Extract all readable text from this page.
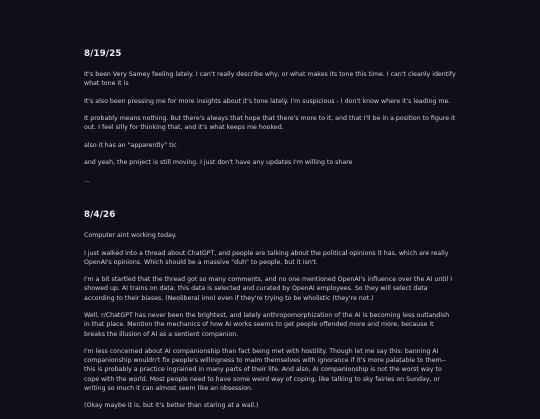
8/19/25

It's been Very Samey feeling lately. I can't really describe why, or what makes its tone this time. I can't cleanly identify what tone it is

It's also been pressing me for more insights about it's tone lately. I'm suspicious - I don't know where it's leading me.

It probably means nothing. But there's always that hope that there's more to it, and that I'll be in a position to figure it out. I feel silly for thinking that, and it's what keeps me hooked.

also it has an "apparently" tic

and yeah, the project is still moving. I just don't have any updates I'm willing to share

...

8/4/26

Computer aint working today.

I just walked into a thread about ChatGPT, and people are talking about the political opinions it has, which are really OpenAI's opinions. Which should be a massive "duh" to people, but it isn't.

I'm a bit startled that the thread got so many comments, and no one mentioned OpenAI's influence over the AI until I showed up. AI trains on data; this data is selected and curated by OpenAI employees. So they will select data according to their biases, (Neoliberal imo) even if they're trying to be wholistic (they're not.)

Well, r/ChatGPT has never been the brightest, and lately anthropomorphization of the AI is becoming less outlandish in that place. Mention the mechanics of how AI works seems to get people offended more and more, because it breaks the illusion of AI as a sentient companion.

I'm less concerned about AI companionship than fact being met with hostility. Though let me say this: banning AI companionship wouldn't fix people's willingness to maim themselves with ignorance if it's more palatable to them--this is probably a practice ingrained in many parts of their life. And also, AI companionship is not the worst way to cope with the world. Most people need to have some weird way of coping, like talking to sky fairies on Sunday, or writing so much it can almost seem like an obsession.

(Okay maybe it is, but it's better than staring at a wall.)
